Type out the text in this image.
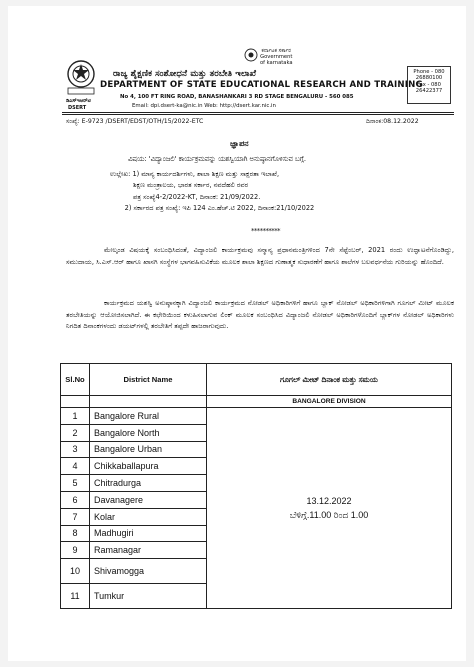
ಕರ್ನಾಟಕ ಸರ್ಕಾರ
Government
of karnataka
ರಾಜ್ಯ ಶೈಕ್ಷಣಿಕ ಸಂಶೋಧನೆ ಮತ್ತು ತರಬೇತಿ ಇಲಾಖೆ
DEPARTMENT OF STATE EDUCATIONAL RESEARCH AND TRAINING
No 4, 100 FT RING ROAD, BANASHANKARI 3 RD STAGE BENGALURU - 560 085
Email: dpi.dsert-ka@nic.in Web: http://dsert.kar.nic.in
ಡಿಎಸ್ಇಆರ್‌ಟಿ
DSERT
Phone - 080
26880100
Fax - 080
26422377
ಸಂಖ್ಯೆ: E-9723 /DSERT/EDST/OTH/15/2022-ETC	ದಿನಾಂಕ:08.12.2022
ಜ್ಞಾಪನ
ವಿಷಯ: 'ವಿದ್ಯಾಂಜಲಿ' ಕಾರ್ಯಕ್ರಮವನ್ನು ಯಶಸ್ವಿಯಾಗಿ ಅನುಷ್ಠಾನಗೊಳಿಸುವ ಬಗ್ಗೆ.
ಉಲ್ಲೇಖ: 1) ಮಾನ್ಯ ಕಾರ್ಯದರ್ಶಿಗಳು, ಶಾಲಾ ಶಿಕ್ಷಣ ಮತ್ತು ಸಾಕ್ಷರತಾ ಇಲಾಖೆ,
ಶಿಕ್ಷಣ ಮಂತ್ರಾಲಯ, ಭಾರತ ಸರ್ಕಾರ, ನವದೆಹಲಿ ರವರ
ಪತ್ರ ಸಂಖ್ಯೆ4-2/2022-KT, ದಿನಾಂಕ: 21/09/2022.
2) ಸರ್ಕಾರದ ಪತ್ರ ಸಂಖ್ಯೆ: ಇಪಿ 124 ಎಂ.ಹೆಚ್.ಟಿ 2022, ದಿನಾಂಕ:21/10/2022
**********
ಮೇಲ್ಕಂಡ ವಿಷಯಕ್ಕೆ ಸಂಬಂಧಿಸಿದಂತೆ, ವಿದ್ಯಾಂಜಲಿ ಕಾರ್ಯಕ್ರಮವು ಸನ್ಮಾನ್ಯ ಪ್ರಧಾನಮಂತ್ರಿಗಳಿಂದ 7ನೇ ಸೆಪ್ಟೆಂಬರ್, 2021 ರಂದು ಉದ್ಘಾಟನೆಗೊಂಡಿದ್ದು, ಸಮುದಾಯ, ಸಿ.ಎಸ್.ಆರ್ ಹಾಗೂ ಖಾಸಗಿ ಸಂಸ್ಥೆಗಳ ಭಾಗವಹಿಸುವಿಕೆಯ ಮೂಲಕ ಶಾಲಾ ಶಿಕ್ಷಣದ ಗುಣಾತ್ಮಕ ಸುಧಾರಣೆಗೆ ಹಾಗೂ ಶಾಲೆಗಳ ಬಲವರ್ಧನೆಯ ಗುರಿಯನ್ನು ಹೊಂದಿದೆ.
ಕಾರ್ಯಕ್ರಮದ ಯಶಸ್ವಿ ಅನುಷ್ಠಾನಕ್ಕಾಗಿ ವಿದ್ಯಾಂಜಲಿ ಕಾರ್ಯಕ್ರಮದ ನೋಡಲ್ ಅಧಿಕಾರಿಗಳಿಗೆ ಹಾಗೂ ಬ್ಲಾಕ್ ನೋಡಲ್ ಅಧಿಕಾರಿಗಳಿಗಾಗಿ ಗೂಗಲ್ ಮೀಟ್ ಮೂಲಕ ತರಬೇತಿಯನ್ನು ಆಯೋಜಿಸಲಾಗಿದೆ. ಈ ಕಛೇರಿಯಿಂದ ಕಳುಹಿಸಲಾಗುವ ಲಿಂಕ್ ಮೂಲಕ ಸಂಬಂಧಿಸಿದ ವಿದ್ಯಾಂಜಲಿ ನೋಡಲ್ ಅಧಿಕಾರಿಗಳೊಂದಿಗೆ ಬ್ಲಾಕ್‌ಗಳ ನೋಡಲ್ ಅಧಿಕಾರಿಗಳು ನಿಗದಿತ ದಿನಾಂಕಗಳಂದು ಡಯಟ್‌ಗಳಲ್ಲಿ ತರಬೇತಿಗೆ ತಪ್ಪದೇ ಹಾಜರಾಗುವುದು.
Sl.No	District Name	ಗೂಗಲ್ ಮೀಟ್ ದಿನಾಂಕ ಮತ್ತು ಸಮಯ
		BANGALORE DIVISION
1	Bangalore Rural	13.12.2022
ಬೆಳಿಗ್ಗೆ.11.00 ರಿಂದ 1.00

2	Bangalore North	
3	Bangalore Urban	
4	Chikkaballapura	
5	Chitradurga	
6	Davanagere	
7	Kolar	
8	Madhugiri	
9	Ramanagar	
10	Shivamogga	
11	Tumkur	
